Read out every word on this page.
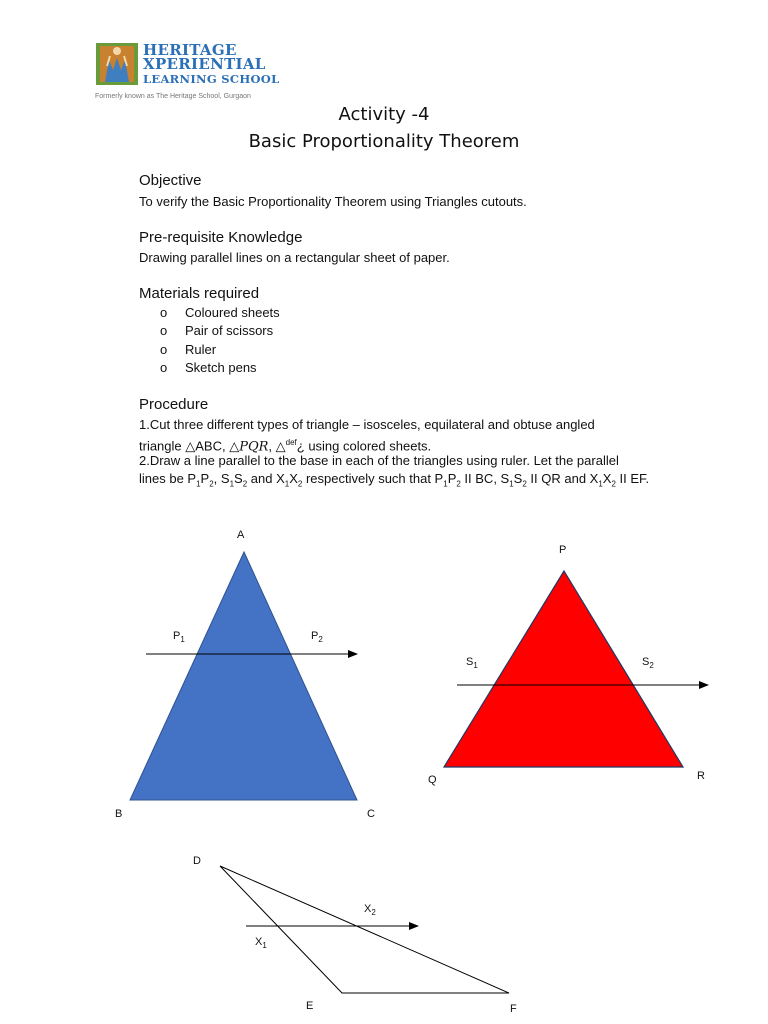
HERITAGE
XPERIENTIAL
LEARNING SCHOOL
Formerly known as The Heritage School, Gurgaon
Activity -4
Basic Proportionality Theorem
Objective
To verify the Basic Proportionality Theorem using Triangles cutouts.
Pre-requisite Knowledge
Drawing parallel lines on a rectangular sheet of paper.
Materials required
o Coloured sheets
o Pair of scissors
o Ruler
o Sketch pens
Procedure
1.Cut three different types of triangle – isosceles, equilateral and obtuse angled
triangle △ABC, △PQR, △$^{def}$¿ using colored sheets.
2.Draw a line parallel to the base in each of the triangles using ruler. Let the parallel
lines be $P_1P_2$, $S_1S_2$ and $X_1X_2$ respectively such that $P_1P_2$ II BC, $S_1S_2$ II QR and $X_1X_2$ II EF.
A
B	C
$P_1$	$P_2$
P
Q	R
$S_1$	$S_2$
D
E	F
$X_1$
$X_2$
